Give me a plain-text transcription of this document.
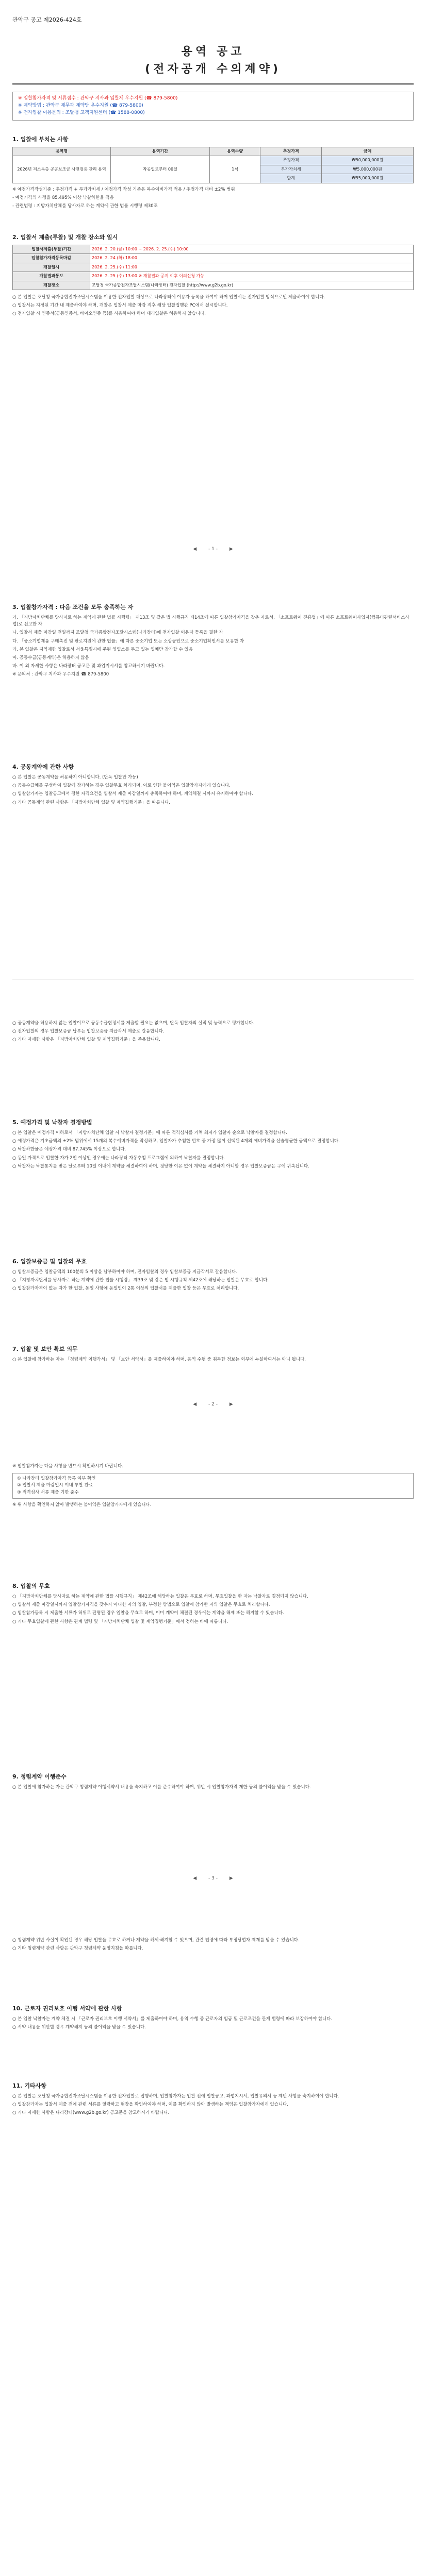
관악구 공고 제2026-424호
용역 공고
(전자공개 수의계약)
※ 입찰참가자격 및 서류접수 : 관악구 지사과 입찰계 우수지원 (☎ 879-5800)
※ 계약방법 : 관악구 재무과 계약담 우수지원 (☎ 879-5800)
※ 전자입찰 이용문의 : 조달청 고객지원센터 (☎ 1588-0800)
1. 입찰에 부치는 사항
용역명	용역기간	용역수량	추정가격	금액
2026년 저소득층 공공보조금 사전검증 관리 용역	착공일로부터 00일	1식	추정가격	₩50,000,000원
			부가가치세	₩5,000,000원
			합계	₩55,000,000원
※ 예정가격작성기준 : 추정가격 + 부가가치세 / 예정가격 작성 기준은 복수예비가격 적용 / 추정가격 대비 ±2% 범위
- 예정가격의 사정율 85.495% 이상 낙찰하한율 적용
- 관련법령 : 지방자치단체를 당사자로 하는 계약에 관한 법률 시행령 제30조
2. 입찰서 제출(투찰) 및 개찰 장소와 일시
입찰서제출(투찰)기간	2026. 2. 20.(금) 10:00 ~ 2026. 2. 25.(수) 10:00
입찰참가자격등록마감	2026. 2. 24.(화) 18:00
개찰일시	2026. 2. 25.(수) 11:00
개찰결과통보	2026. 2. 25.(수) 13:00 ※ 개찰결과 공지 이후 이의신청 가능
개찰장소	조달청 국가종합전자조달시스템(나라장터) 전자입찰 (http://www.g2b.go.kr)
○ 본 입찰은 조달청 국가종합전자조달시스템을 이용한 전자입찰 대상으로 나라장터에 이용자 등록을 하여야 하며 입찰서는 전자입찰 방식으로만 제출하여야 합니다.
○ 입찰서는 지정된 기간 내 제출하여야 하며, 개찰은 입찰서 제출 마감 직후 해당 입찰집행관 PC에서 실시합니다.
○ 전자입찰 시 인증서(공동인증서, 바이오인증 등)를 사용하여야 하며 대리입찰은 허용하지 않습니다.
◀	- 1 -	▶
3. 입찰참가자격 : 다음 조건을 모두 충족하는 자
가. 「지방자치단체를 당사자로 하는 계약에 관한 법률 시행령」 제13조 및 같은 법 시행규칙 제14조에 따른 입찰참가자격을 갖춘 자로서, 「소프트웨어 진흥법」에 따른 소프트웨어사업자(컴퓨터관련서비스사업)로 신고한 자
나. 입찰서 제출 마감일 전일까지 조달청 국가종합전자조달시스템(나라장터)에 전자입찰 이용자 등록을 필한 자
다. 「중소기업제품 구매촉진 및 판로지원에 관한 법률」에 따른 중소기업 또는 소상공인으로 중소기업확인서를 보유한 자
라. 본 입찰은 지역제한 입찰로서 서울특별시에 주된 영업소를 두고 있는 업체만 참가할 수 있음
마. 공동수급(공동계약)은 허용하지 않음
바. 이 외 자세한 사항은 나라장터 공고문 및 과업지시서를 참고하시기 바랍니다.
※ 문의처 : 관악구 지사과 우수지원 ☎ 879-5800
4. 공동계약에 관한 사항
○ 본 입찰은 공동계약을 허용하지 아니합니다. (단독 입찰만 가능)
○ 공동수급체를 구성하여 입찰에 참가하는 경우 입찰무효 처리되며, 이로 인한 불이익은 입찰참가자에게 있습니다.
○ 입찰참가자는 입찰공고에서 정한 자격요건을 입찰서 제출 마감일까지 충족하여야 하며, 계약체결 시까지 유지하여야 합니다.
○ 기타 공동계약 관련 사항은 「지방자치단체 입찰 및 계약집행기준」을 따릅니다.
○ 공동계약을 허용하지 않는 입찰이므로 공동수급협정서를 제출할 필요는 없으며, 단독 입찰자의 실적 및 능력으로 평가합니다.
○ 전자입찰의 경우 입찰보증금 납부는 입찰보증금 지급각서 제출로 갈음합니다.
○ 기타 자세한 사항은 「지방자치단체 입찰 및 계약집행기준」을 준용합니다.
5. 예정가격 및 낙찰자 결정방법
○ 본 입찰은 예정가격 이하로서 「지방자치단체 입찰 시 낙찰자 결정기준」에 따른 적격심사를 거쳐 최저가 입찰자 순으로 낙찰자를 결정합니다.
○ 예정가격은 기초금액의 ±2% 범위에서 15개의 복수예비가격을 작성하고, 입찰자가 추첨한 번호 중 가장 많이 선택된 4개의 예비가격을 산술평균한 금액으로 결정합니다.
○ 낙찰하한율은 예정가격 대비 87.745% 이상으로 합니다.
○ 동일 가격으로 입찰한 자가 2인 이상인 경우에는 나라장터 자동추첨 프로그램에 의하여 낙찰자를 결정합니다.
○ 낙찰자는 낙찰통지를 받은 날로부터 10일 이내에 계약을 체결하여야 하며, 정당한 이유 없이 계약을 체결하지 아니할 경우 입찰보증금은 구에 귀속됩니다.
6. 입찰보증금 및 입찰의 무효
○ 입찰보증금은 입찰금액의 100분의 5 이상을 납부하여야 하며, 전자입찰의 경우 입찰보증금 지급각서로 갈음합니다.
○ 「지방자치단체를 당사자로 하는 계약에 관한 법률 시행령」 제39조 및 같은 법 시행규칙 제42조에 해당하는 입찰은 무효로 합니다.
○ 입찰참가자격이 없는 자가 한 입찰, 동일 사항에 동일인이 2통 이상의 입찰서를 제출한 입찰 등은 무효로 처리합니다.
7. 입찰 및 보안 확보 의무
○ 본 입찰에 참가하는 자는 「청렴계약 이행각서」 및 「보안 서약서」를 제출하여야 하며, 용역 수행 중 취득한 정보는 외부에 누설하여서는 아니 됩니다.
◀	- 2 -	▶
※ 입찰참가자는 다음 사항을 반드시 확인하시기 바랍니다.
① 나라장터 입찰참가자격 등록 여부 확인
② 입찰서 제출 마감일시 이내 투찰 완료
③ 적격심사 서류 제출 기한 준수
※ 위 사항을 확인하지 않아 발생하는 불이익은 입찰참가자에게 있습니다.
8. 입찰의 무효
○ 「지방자치단체를 당사자로 하는 계약에 관한 법률 시행규칙」 제42조에 해당하는 입찰은 무효로 하며, 무효입찰을 한 자는 낙찰자로 결정되지 않습니다.
○ 입찰서 제출 마감일시까지 입찰참가자격을 갖추지 아니한 자의 입찰, 부정한 방법으로 입찰에 참가한 자의 입찰은 무효로 처리합니다.
○ 입찰참가등록 시 제출한 서류가 허위로 판명된 경우 입찰을 무효로 하며, 이미 계약이 체결된 경우에는 계약을 해제 또는 해지할 수 있습니다.
○ 기타 무효입찰에 관한 사항은 관계 법령 및 「지방자치단체 입찰 및 계약집행기준」에서 정하는 바에 따릅니다.
9. 청렴계약 이행준수
○ 본 입찰에 참가하는 자는 관악구 청렴계약 이행서약서 내용을 숙지하고 이를 준수하여야 하며, 위반 시 입찰참가자격 제한 등의 불이익을 받을 수 있습니다.
◀	- 3 -	▶
○ 청렴계약 위반 사실이 확인된 경우 해당 입찰을 무효로 하거나 계약을 해제·해지할 수 있으며, 관련 법령에 따라 부정당업자 제재를 받을 수 있습니다.
○ 기타 청렴계약 관련 사항은 관악구 청렴계약 운영지침을 따릅니다.
10. 근로자 권리보호 이행 서약에 관한 사항
○ 본 입찰 낙찰자는 계약 체결 시 「근로자 권리보호 이행 서약서」를 제출하여야 하며, 용역 수행 중 근로자의 임금 및 근로조건을 관계 법령에 따라 보장하여야 합니다.
○ 서약 내용을 위반할 경우 계약해지 등의 불이익을 받을 수 있습니다.
11. 기타사항
○ 본 입찰은 조달청 국가종합전자조달시스템을 이용한 전자입찰로 집행하며, 입찰참가자는 입찰 전에 입찰공고, 과업지시서, 입찰유의서 등 제반 사항을 숙지하여야 합니다.
○ 입찰참가자는 입찰서 제출 전에 관련 서류를 열람하고 현장을 확인하여야 하며, 이를 확인하지 않아 발생하는 책임은 입찰참가자에게 있습니다.
○ 기타 자세한 사항은 나라장터(www.g2b.go.kr) 공고문을 참고하시기 바랍니다.
